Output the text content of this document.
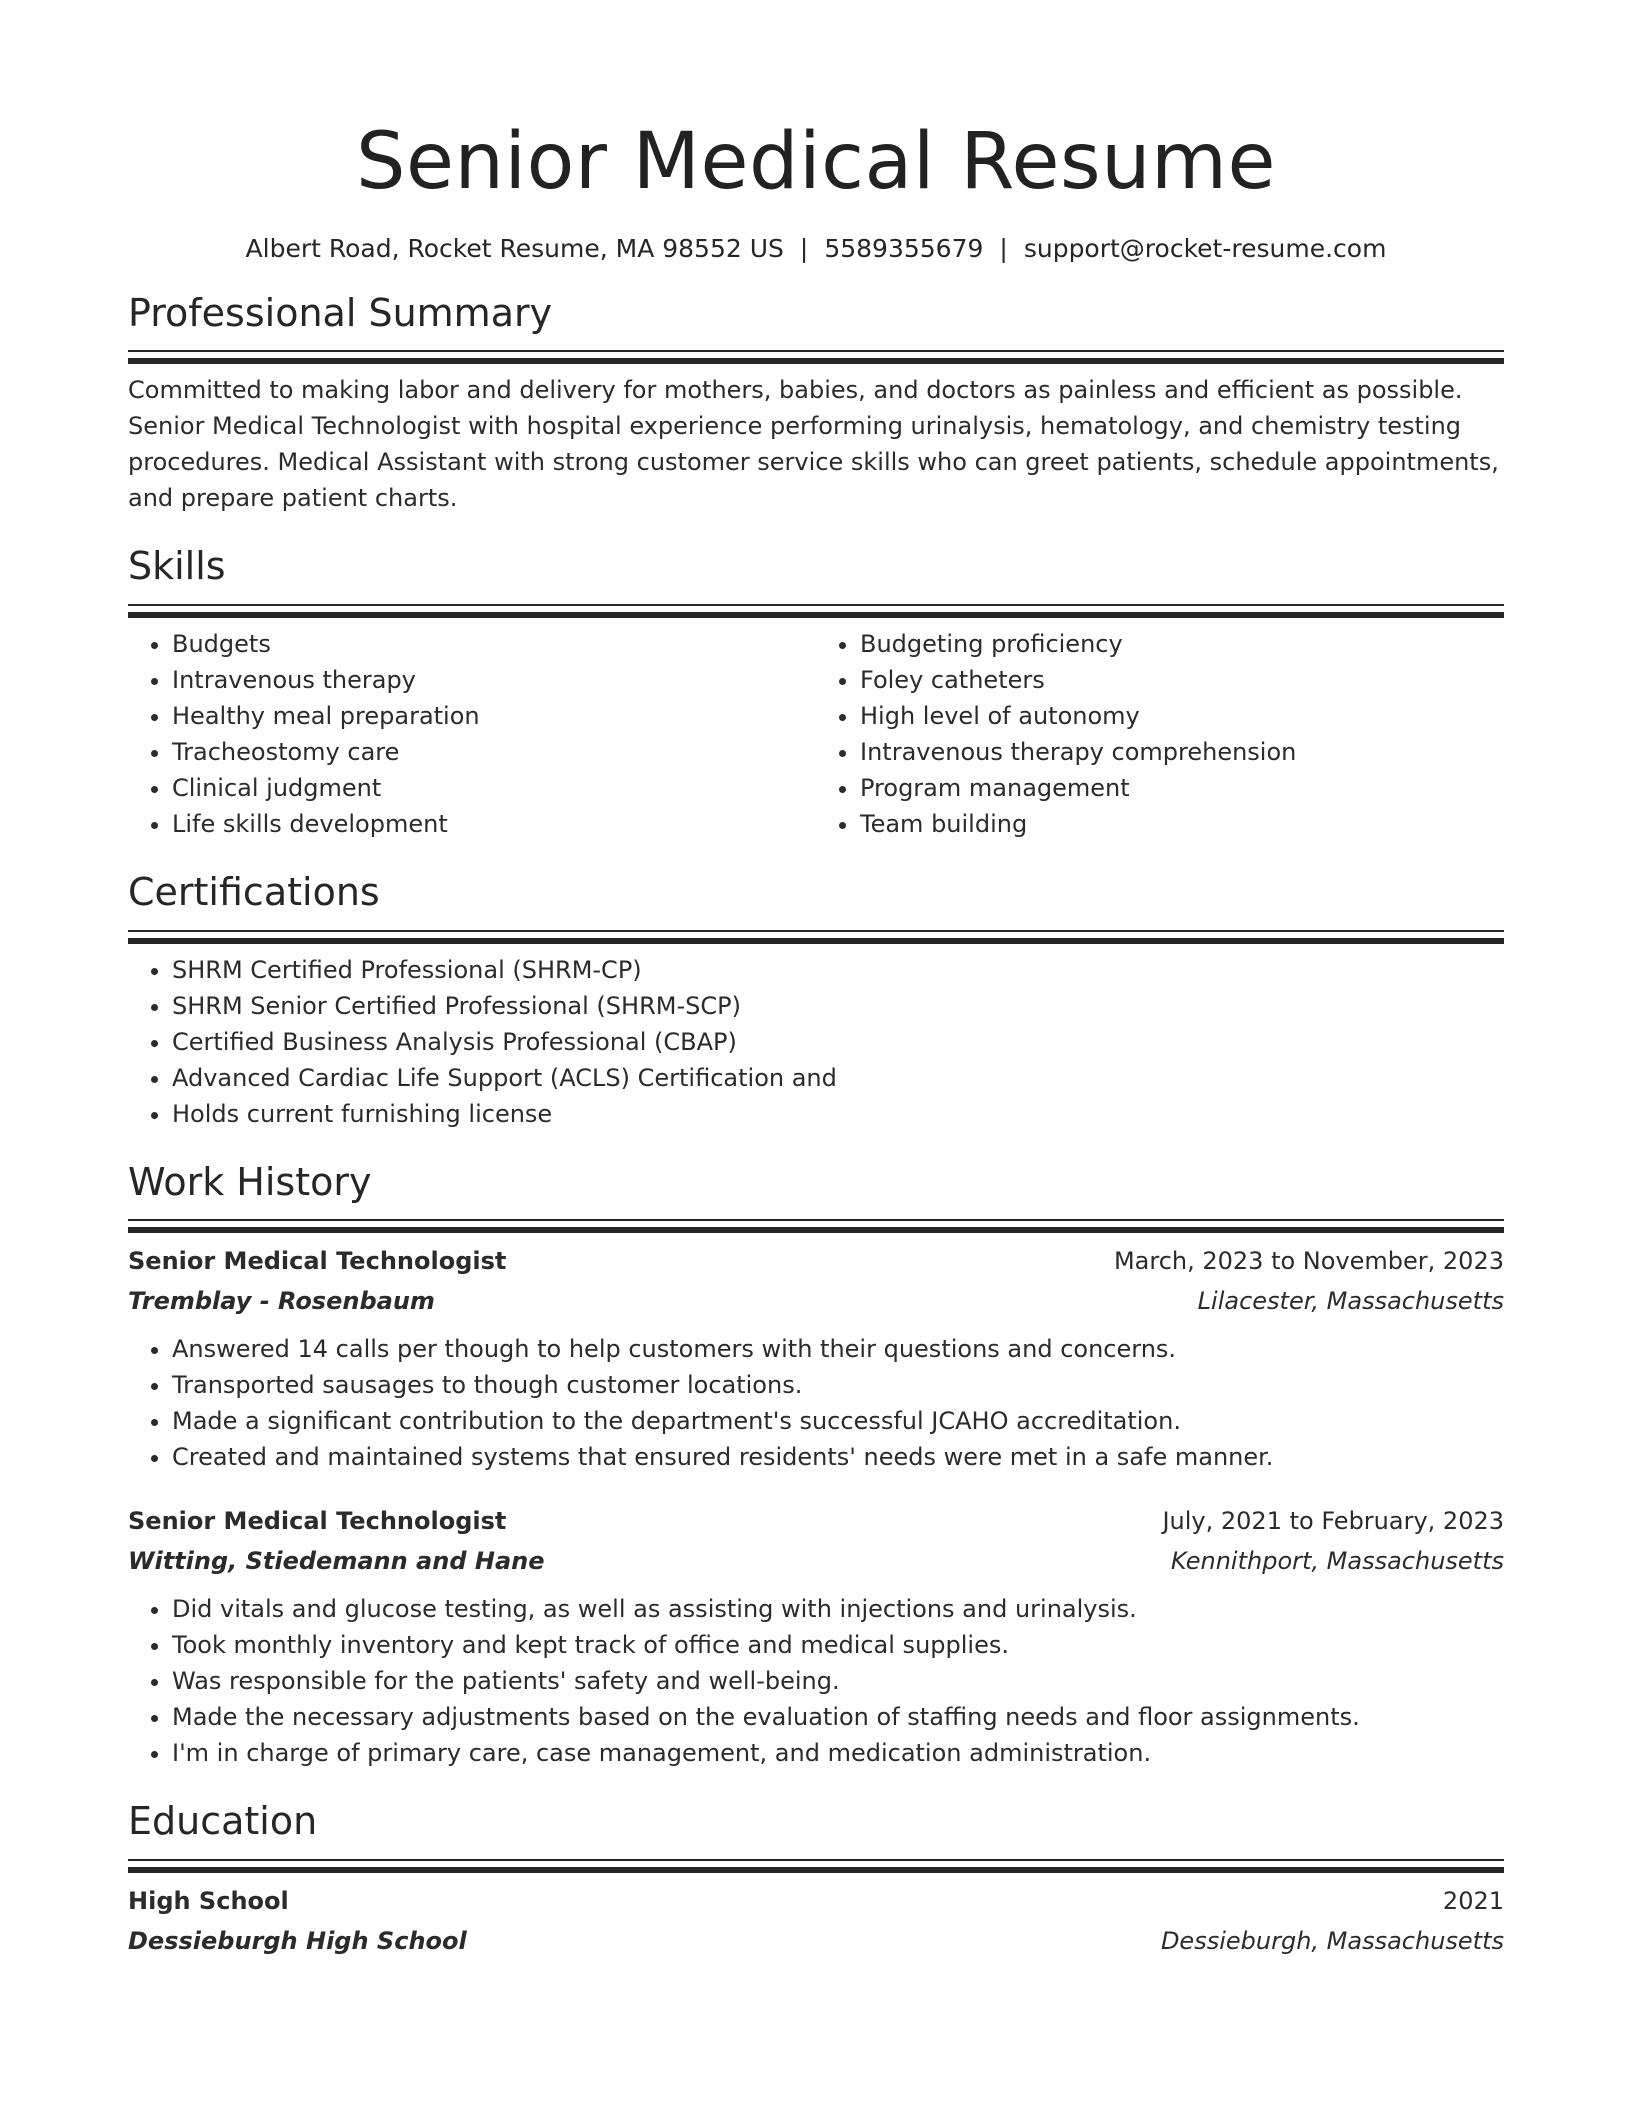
Senior Medical Resume
Albert Road, Rocket Resume, MA 98552 US | 5589355679 | support@rocket-resume.com
Professional Summary

Committed to making labor and delivery for mothers, babies, and doctors as painless and efficient as possible. Senior Medical Technologist with hospital experience performing urinalysis, hematology, and chemistry testing procedures. Medical Assistant with strong customer service skills who can greet patients, schedule appointments, and prepare patient charts.

Skills
• Budgets
• Intravenous therapy
• Healthy meal preparation
• Tracheostomy care
• Clinical judgment
• Life skills development
• Budgeting proficiency
• Foley catheters
• High level of autonomy
• Intravenous therapy comprehension
• Program management
• Team building
Certifications
• SHRM Certified Professional (SHRM-CP)
• SHRM Senior Certified Professional (SHRM-SCP)
• Certified Business Analysis Professional (CBAP)
• Advanced Cardiac Life Support (ACLS) Certification and
• Holds current furnishing license
Work History
Senior Medical Technologist	March, 2023 to November, 2023
Tremblay - Rosenbaum	Lilacester, Massachusetts
• Answered 14 calls per though to help customers with their questions and concerns.
• Transported sausages to though customer locations.
• Made a significant contribution to the department's successful JCAHO accreditation.
• Created and maintained systems that ensured residents' needs were met in a safe manner.
Senior Medical Technologist	July, 2021 to February, 2023
Witting, Stiedemann and Hane	Kennithport, Massachusetts
• Did vitals and glucose testing, as well as assisting with injections and urinalysis.
• Took monthly inventory and kept track of office and medical supplies.
• Was responsible for the patients' safety and well-being.
• Made the necessary adjustments based on the evaluation of staffing needs and floor assignments.
• I'm in charge of primary care, case management, and medication administration.
Education
High School	2021
Dessieburgh High School	Dessieburgh, Massachusetts
